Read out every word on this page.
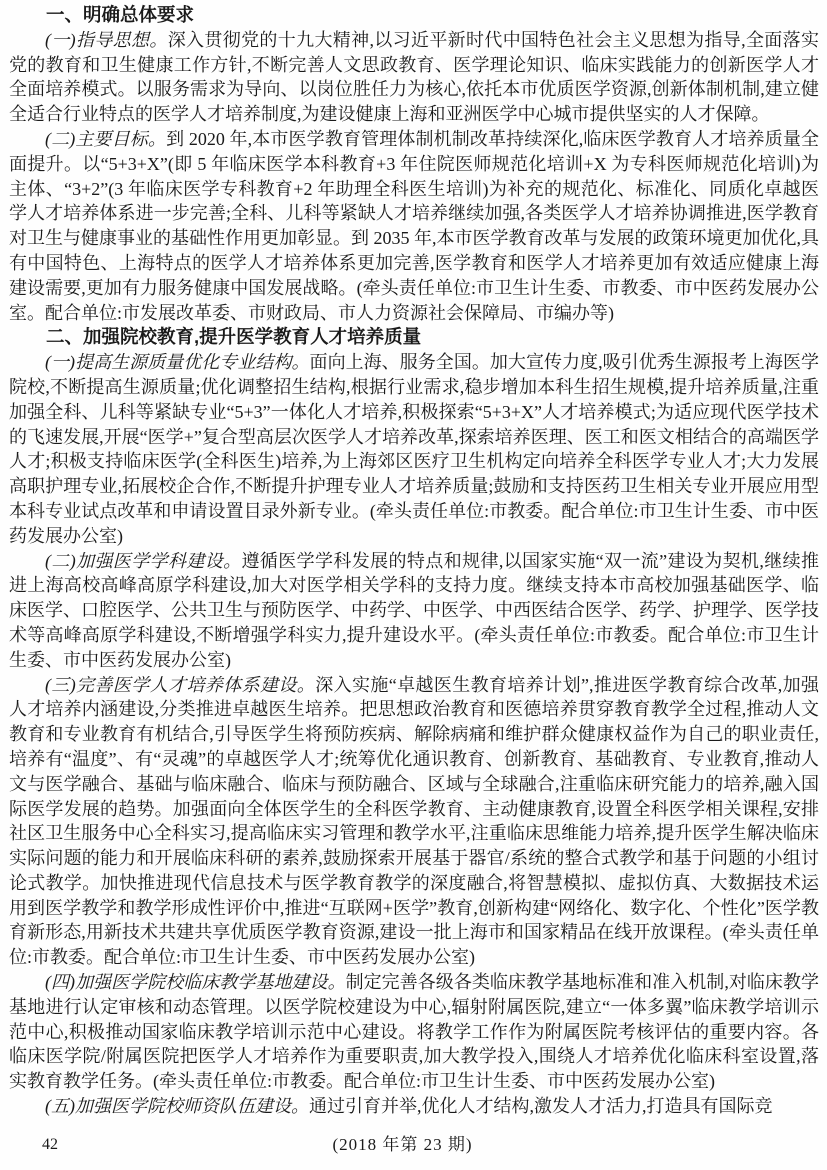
一、明确总体要求

(一)指导思想。深入贯彻党的十九大精神,以习近平新时代中国特色社会主义思想为指导,全面落实党的教育和卫生健康工作方针,不断完善人文思政教育、医学理论知识、临床实践能力的创新医学人才全面培养模式。以服务需求为导向、以岗位胜任力为核心,依托本市优质医学资源,创新体制机制,建立健全适合行业特点的医学人才培养制度,为建设健康上海和亚洲医学中心城市提供坚实的人才保障。

(二)主要目标。到 2020 年,本市医学教育管理体制机制改革持续深化,临床医学教育人才培养质量全面提升。以“5+3+X”(即 5 年临床医学本科教育+3 年住院医师规范化培训+X 为专科医师规范化培训)为主体、“3+2”(3 年临床医学专科教育+2 年助理全科医生培训)为补充的规范化、标准化、同质化卓越医学人才培养体系进一步完善;全科、儿科等紧缺人才培养继续加强,各类医学人才培养协调推进,医学教育对卫生与健康事业的基础性作用更加彰显。到 2035 年,本市医学教育改革与发展的政策环境更加优化,具有中国特色、上海特点的医学人才培养体系更加完善,医学教育和医学人才培养更加有效适应健康上海建设需要,更加有力服务健康中国发展战略。(牵头责任单位:市卫生计生委、市教委、市中医药发展办公室。配合单位:市发展改革委、市财政局、市人力资源社会保障局、市编办等)

二、加强院校教育,提升医学教育人才培养质量

(一)提高生源质量优化专业结构。面向上海、服务全国。加大宣传力度,吸引优秀生源报考上海医学院校,不断提高生源质量;优化调整招生结构,根据行业需求,稳步增加本科生招生规模,提升培养质量,注重加强全科、儿科等紧缺专业“5+3”一体化人才培养,积极探索“5+3+X”人才培养模式;为适应现代医学技术的飞速发展,开展“医学+”复合型高层次医学人才培养改革,探索培养医理、医工和医文相结合的高端医学人才;积极支持临床医学(全科医生)培养,为上海郊区医疗卫生机构定向培养全科医学专业人才;大力发展高职护理专业,拓展校企合作,不断提升护理专业人才培养质量;鼓励和支持医药卫生相关专业开展应用型本科专业试点改革和申请设置目录外新专业。(牵头责任单位:市教委。配合单位:市卫生计生委、市中医药发展办公室)

(二)加强医学学科建设。遵循医学学科发展的特点和规律,以国家实施“双一流”建设为契机,继续推进上海高校高峰高原学科建设,加大对医学相关学科的支持力度。继续支持本市高校加强基础医学、临床医学、口腔医学、公共卫生与预防医学、中药学、中医学、中西医结合医学、药学、护理学、医学技术等高峰高原学科建设,不断增强学科实力,提升建设水平。(牵头责任单位:市教委。配合单位:市卫生计生委、市中医药发展办公室)

(三)完善医学人才培养体系建设。深入实施“卓越医生教育培养计划”,推进医学教育综合改革,加强人才培养内涵建设,分类推进卓越医生培养。把思想政治教育和医德培养贯穿教育教学全过程,推动人文教育和专业教育有机结合,引导医学生将预防疾病、解除病痛和维护群众健康权益作为自己的职业责任,培养有“温度”、有“灵魂”的卓越医学人才;统筹优化通识教育、创新教育、基础教育、专业教育,推动人文与医学融合、基础与临床融合、临床与预防融合、区域与全球融合,注重临床研究能力的培养,融入国际医学发展的趋势。加强面向全体医学生的全科医学教育、主动健康教育,设置全科医学相关课程,安排社区卫生服务中心全科实习,提高临床实习管理和教学水平,注重临床思维能力培养,提升医学生解决临床实际问题的能力和开展临床科研的素养,鼓励探索开展基于器官/系统的整合式教学和基于问题的小组讨论式教学。加快推进现代信息技术与医学教育教学的深度融合,将智慧模拟、虚拟仿真、大数据技术运用到医学教学和教学形成性评价中,推进“互联网+医学”教育,创新构建“网络化、数字化、个性化”医学教育新形态,用新技术共建共享优质医学教育资源,建设一批上海市和国家精品在线开放课程。(牵头责任单位:市教委。配合单位:市卫生计生委、市中医药发展办公室)

(四)加强医学院校临床教学基地建设。制定完善各级各类临床教学基地标准和准入机制,对临床教学基地进行认定审核和动态管理。以医学院校建设为中心,辐射附属医院,建立“一体多翼”临床教学培训示范中心,积极推动国家临床教学培训示范中心建设。将教学工作作为附属医院考核评估的重要内容。各临床医学院/附属医院把医学人才培养作为重要职责,加大教学投入,围绕人才培养优化临床科室设置,落实教育教学任务。(牵头责任单位:市教委。配合单位:市卫生计生委、市中医药发展办公室)

(五)加强医学院校师资队伍建设。通过引育并举,优化人才结构,激发人才活力,打造具有国际竞

42	(2018 年第 23 期)
